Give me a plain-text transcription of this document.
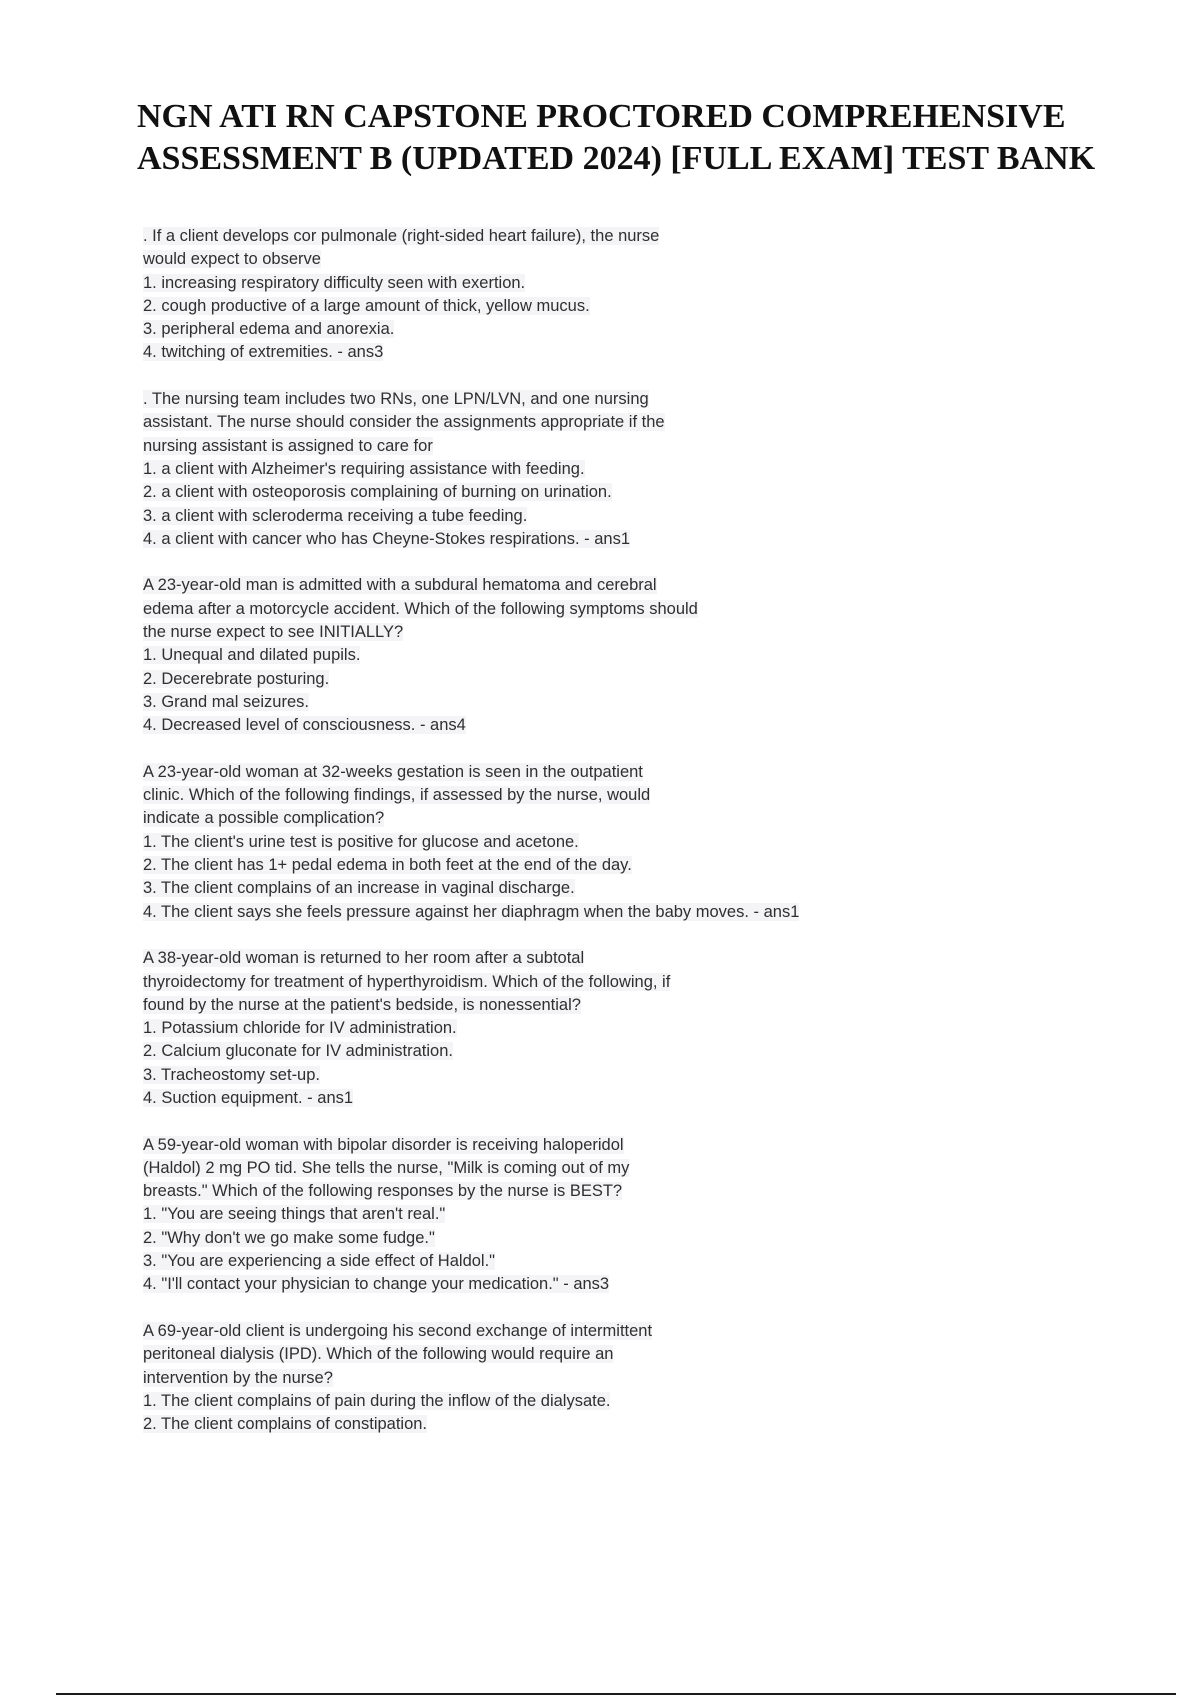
NGN ATI RN CAPSTONE PROCTORED COMPREHENSIVE
ASSESSMENT B (UPDATED 2024) [FULL EXAM] TEST BANK
. If a client develops cor pulmonale (right-sided heart failure), the nurse
would expect to observe
1. increasing respiratory difficulty seen with exertion.
2. cough productive of a large amount of thick, yellow mucus.
3. peripheral edema and anorexia.
4. twitching of extremities. - ans3
. The nursing team includes two RNs, one LPN/LVN, and one nursing
assistant. The nurse should consider the assignments appropriate if the
nursing assistant is assigned to care for
1. a client with Alzheimer's requiring assistance with feeding.
2. a client with osteoporosis complaining of burning on urination.
3. a client with scleroderma receiving a tube feeding.
4. a client with cancer who has Cheyne-Stokes respirations. - ans1
A 23-year-old man is admitted with a subdural hematoma and cerebral
edema after a motorcycle accident. Which of the following symptoms should
the nurse expect to see INITIALLY?
1. Unequal and dilated pupils.
2. Decerebrate posturing.
3. Grand mal seizures.
4. Decreased level of consciousness. - ans4
A 23-year-old woman at 32-weeks gestation is seen in the outpatient
clinic. Which of the following findings, if assessed by the nurse, would
indicate a possible complication?
1. The client's urine test is positive for glucose and acetone.
2. The client has 1+ pedal edema in both feet at the end of the day.
3. The client complains of an increase in vaginal discharge.
4. The client says she feels pressure against her diaphragm when the baby moves. - ans1
A 38-year-old woman is returned to her room after a subtotal
thyroidectomy for treatment of hyperthyroidism. Which of the following, if
found by the nurse at the patient's bedside, is nonessential?
1. Potassium chloride for IV administration.
2. Calcium gluconate for IV administration.
3. Tracheostomy set-up.
4. Suction equipment. - ans1
A 59-year-old woman with bipolar disorder is receiving haloperidol
(Haldol) 2 mg PO tid. She tells the nurse, "Milk is coming out of my
breasts." Which of the following responses by the nurse is BEST?
1. "You are seeing things that aren't real."
2. "Why don't we go make some fudge."
3. "You are experiencing a side effect of Haldol."
4. "I'll contact your physician to change your medication." - ans3
A 69-year-old client is undergoing his second exchange of intermittent
peritoneal dialysis (IPD). Which of the following would require an
intervention by the nurse?
1. The client complains of pain during the inflow of the dialysate.
2. The client complains of constipation.
